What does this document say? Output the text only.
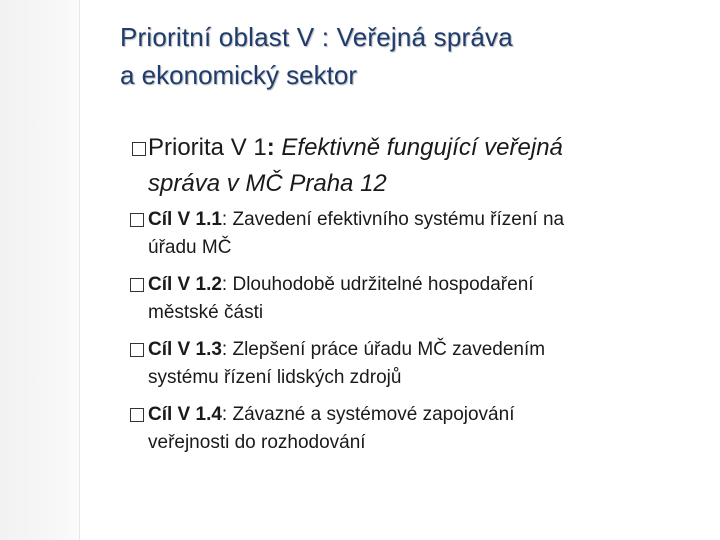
Prioritní oblast V : Veřejná správa
a ekonomický sektor
Priorita V 1: Efektivně fungující veřejná
správa v MČ Praha 12
Cíl V 1.1: Zavedení efektivního systému řízení na
úřadu MČ
Cíl V 1.2: Dlouhodobě udržitelné hospodaření
městské části
Cíl V 1.3: Zlepšení práce úřadu MČ zavedením
systému řízení lidských zdrojů
Cíl V 1.4: Závazné a systémové zapojování
veřejnosti do rozhodování
